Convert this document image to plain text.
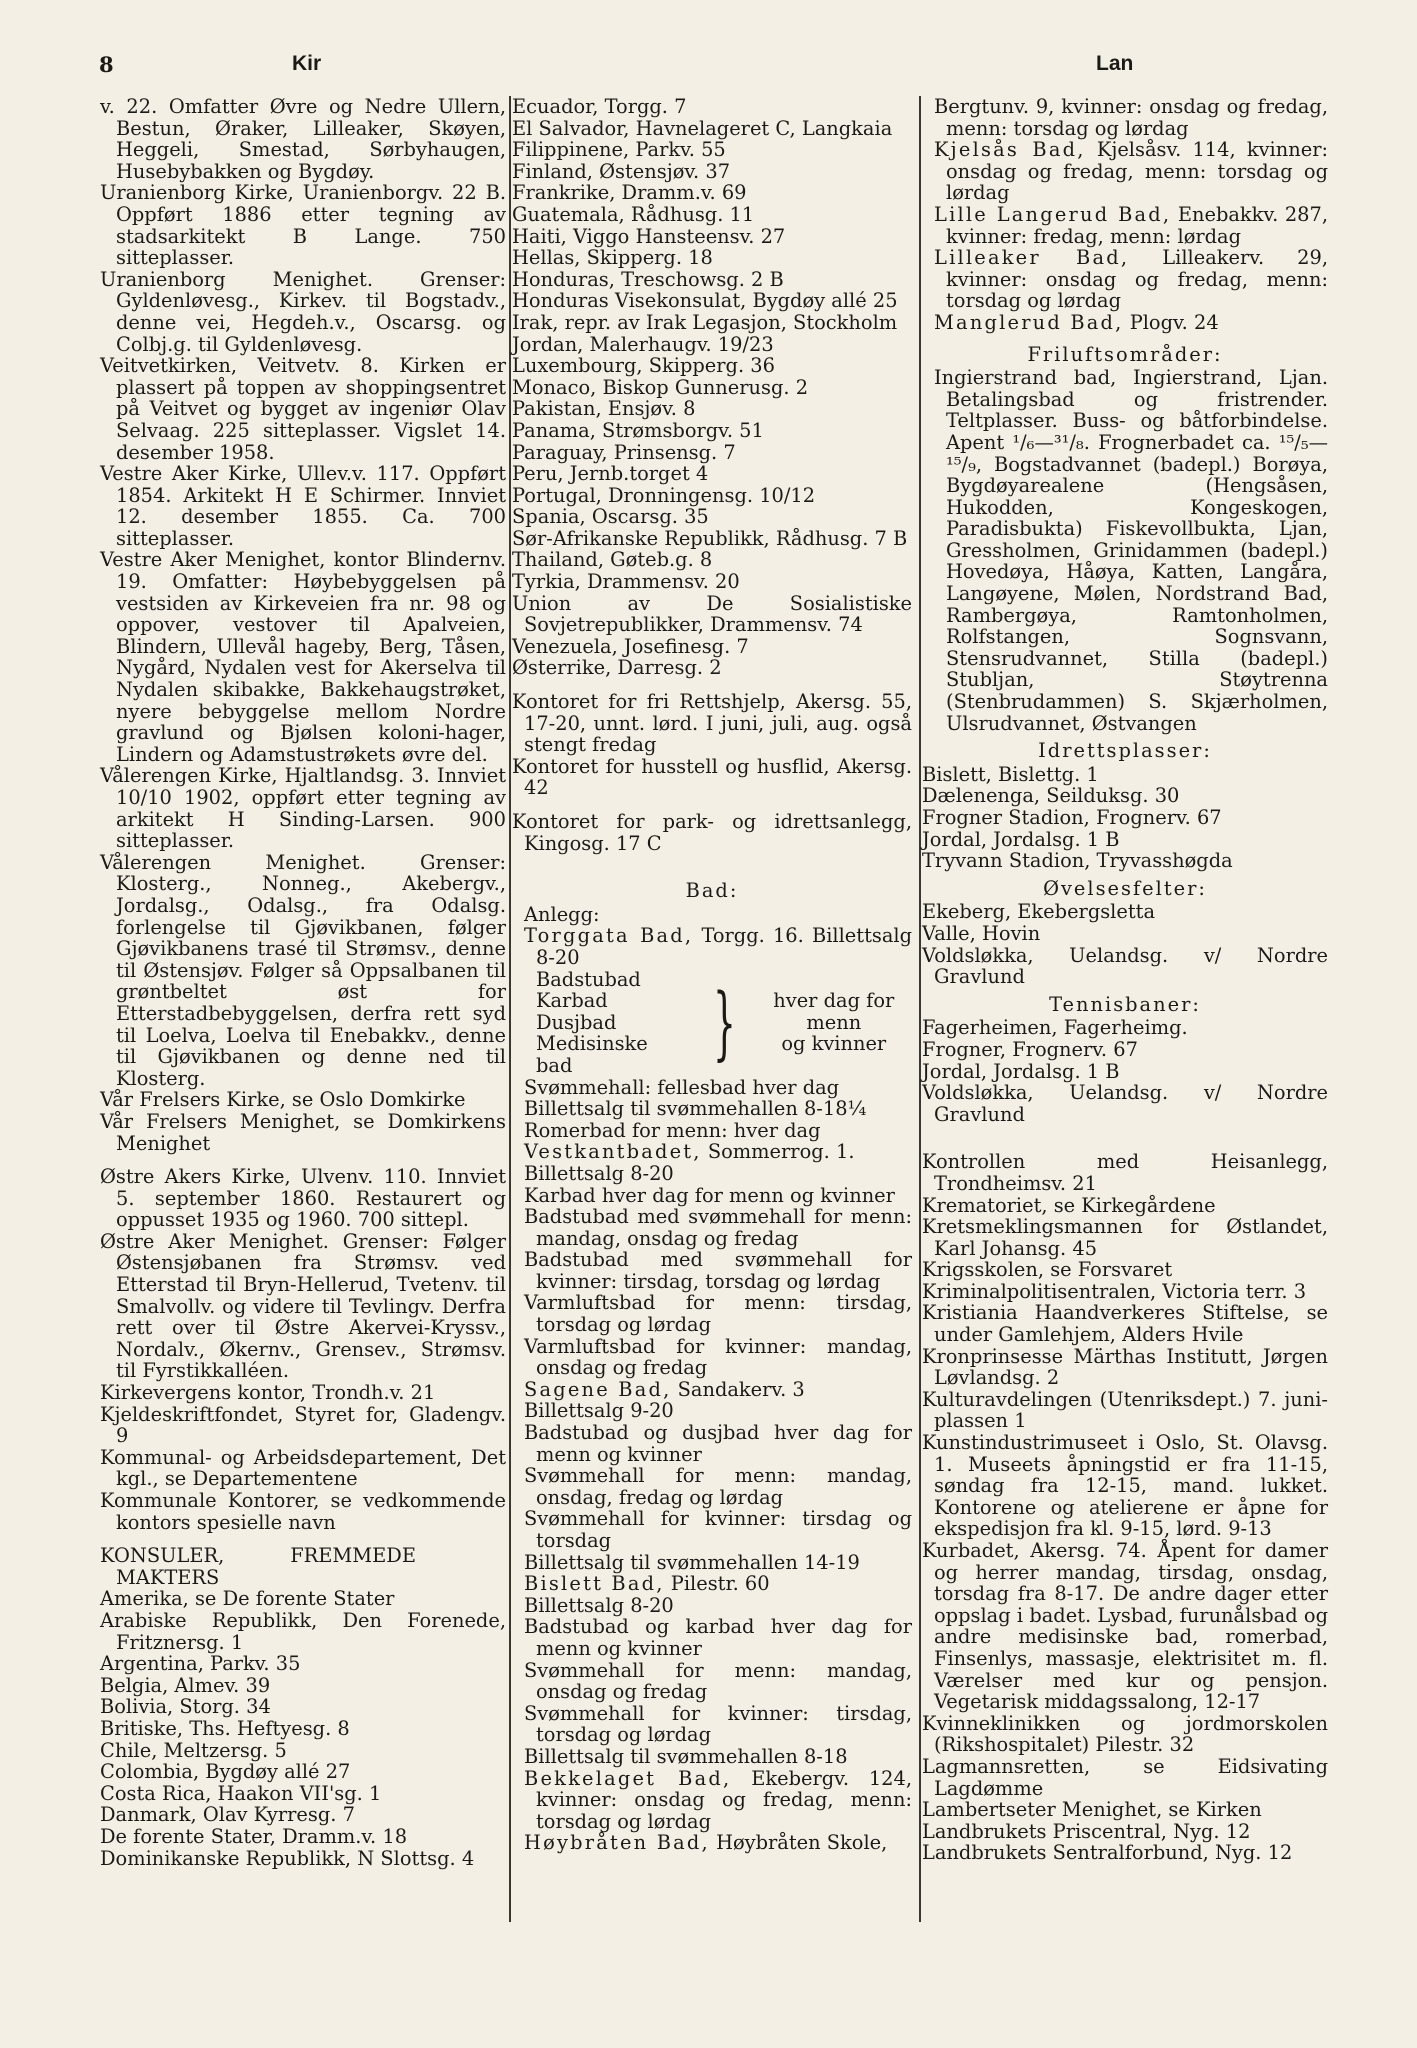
8	Kir	Lan
v. 22. Omfatter Øvre og Nedre Ullern, Bestun, Øraker, Lilleaker, Skøyen, Heggeli, Smestad, Sørbyhaugen, Husebybakken og Bygdøy.
Uranienborg Kirke, Uranienborgv. 22 B. Oppført 1886 etter tegning av stadsarkitekt B Lange. 750 sitteplasser.
Uranienborg Menighet. Grenser: Gyldenløvesg., Kirkev. til Bogstadv., denne vei, Hegdeh.v., Oscarsg. og Colbj.g. til Gyldenløvesg.
Veitvetkirken, Veitvetv. 8. Kirken er plassert på toppen av shoppingsentret på Veitvet og bygget av ingeniør Olav Selvaag. 225 sitteplasser. Vigslet 14. desember 1958.
Vestre Aker Kirke, Ullev.v. 117. Oppført 1854. Arkitekt H E Schirmer. Innviet 12. desember 1855. Ca. 700 sitteplasser.
Vestre Aker Menighet, kontor Blindernv. 19. Omfatter: Høybebyggelsen på vestsiden av Kirkeveien fra nr. 98 og oppover, vestover til Apalveien, Blindern, Ullevål hageby, Berg, Tåsen, Nygård, Nydalen vest for Akerselva til Nydalen skibakke, Bakkehaugstrøket, nyere bebyggelse mellom Nordre gravlund og Bjølsen koloni-hager, Lindern og Adamstustrøkets øvre del.
Vålerengen Kirke, Hjaltlandsg. 3. Innviet 10/10 1902, oppført etter tegning av arkitekt H Sinding-Larsen. 900 sitteplasser.
Vålerengen Menighet. Grenser: Klosterg., Nonneg., Akebergv., Jordalsg., Odalsg., fra Odalsg. forlengelse til Gjøvikbanen, følger Gjøvikbanens trasé til Strømsv., denne til Østensjøv. Følger så Oppsalbanen til grøntbeltet øst for Etterstadbebyggelsen, derfra rett syd til Loelva, Loelva til Enebakkv., denne til Gjøvikbanen og denne ned til Klosterg.
Vår Frelsers Kirke, se Oslo Domkirke
Vår Frelsers Menighet, se Domkirkens Menighet
Østre Akers Kirke, Ulvenv. 110. Innviet 5. september 1860. Restaurert og oppusset 1935 og 1960. 700 sittepl.
Østre Aker Menighet. Grenser: Følger Østensjøbanen fra Strømsv. ved Etterstad til Bryn-Hellerud, Tvetenv. til Smalvollv. og videre til Tevlingv. Derfra rett over til Østre Akervei-Kryssv., Nordalv., Økernv., Grensev., Strømsv. til Fyrstikkalléen.
Kirkevergens kontor, Trondh.v. 21
Kjeldeskriftfondet, Styret for, Gladengv. 9
Kommunal- og Arbeidsdepartement, Det kgl., se Departementene
Kommunale Kontorer, se vedkommende kontors spesielle navn
KONSULER, FREMMEDE MAKTERS
Amerika, se De forente Stater
Arabiske Republikk, Den Forenede, Fritznersg. 1
Argentina, Parkv. 35
Belgia, Almev. 39
Bolivia, Storg. 34
Britiske, Ths. Heftyesg. 8
Chile, Meltzersg. 5
Colombia, Bygdøy allé 27
Costa Rica, Haakon VII'sg. 1
Danmark, Olav Kyrresg. 7
De forente Stater, Dramm.v. 18
Dominikanske Republikk, N Slottsg. 4
Ecuador, Torgg. 7
El Salvador, Havnelageret C, Langkaia
Filippinene, Parkv. 55
Finland, Østensjøv. 37
Frankrike, Dramm.v. 69
Guatemala, Rådhusg. 11
Haiti, Viggo Hansteensv. 27
Hellas, Skipperg. 18
Honduras, Treschowsg. 2 B
Honduras Visekonsulat, Bygdøy allé 25
Irak, repr. av Irak Legasjon, Stockholm
Jordan, Malerhaugv. 19/23
Luxembourg, Skipperg. 36
Monaco, Biskop Gunnerusg. 2
Pakistan, Ensjøv. 8
Panama, Strømsborgv. 51
Paraguay, Prinsensg. 7
Peru, Jernb.torget 4
Portugal, Dronningensg. 10/12
Spania, Oscarsg. 35
Sør-Afrikanske Republikk, Rådhusg. 7 B
Thailand, Gøteb.g. 8
Tyrkia, Drammensv. 20
Union av De Sosialistiske Sovjetrepublikker, Drammensv. 74
Venezuela, Josefinesg. 7
Østerrike, Darresg. 2
Kontoret for fri Rettshjelp, Akersg. 55, 17-20, unnt. lørd. I juni, juli, aug. også stengt fredag
Kontoret for husstell og husflid, Akersg. 42
Kontoret for park- og idrettsanlegg, Kingosg. 17 C
Bad:
Anlegg:
Torggata Bad, Torgg. 16. Billettsalg 8-20
Badstubad
Karbad
Dusjbad
Medisinske bad	}	hver dag for menn
og kvinner
Svømmehall: fellesbad hver dag
Billettsalg til svømmehallen 8-18¼
Romerbad for menn: hver dag
Vestkantbadet, Sommerrog. 1.
Billettsalg 8-20
Karbad hver dag for menn og kvinner
Badstubad med svømmehall for menn: mandag, onsdag og fredag
Badstubad med svømmehall for kvinner: tirsdag, torsdag og lørdag
Varmluftsbad for menn: tirsdag, torsdag og lørdag
Varmluftsbad for kvinner: mandag, onsdag og fredag
Sagene Bad, Sandakerv. 3
Billettsalg 9-20
Badstubad og dusjbad hver dag for menn og kvinner
Svømmehall for menn: mandag, onsdag, fredag og lørdag
Svømmehall for kvinner: tirsdag og torsdag
Billettsalg til svømmehallen 14-19
Bislett Bad, Pilestr. 60
Billettsalg 8-20
Badstubad og karbad hver dag for menn og kvinner
Svømmehall for menn: mandag, onsdag og fredag
Svømmehall for kvinner: tirsdag, torsdag og lørdag
Billettsalg til svømmehallen 8-18
Bekkelaget Bad, Ekebergv. 124, kvinner: onsdag og fredag, menn: torsdag og lørdag
Høybråten Bad, Høybråten Skole,
Bergtunv. 9, kvinner: onsdag og fredag, menn: torsdag og lørdag
Kjelsås Bad, Kjelsåsv. 114, kvinner: onsdag og fredag, menn: torsdag og lørdag
Lille Langerud Bad, Enebakkv. 287, kvinner: fredag, menn: lørdag
Lilleaker Bad, Lilleakerv. 29, kvinner: onsdag og fredag, menn: torsdag og lørdag
Manglerud Bad, Plogv. 24
Friluftsområder:
Ingierstrand bad, Ingierstrand, Ljan. Betalingsbad og fristrender. Teltplasser. Buss- og båtforbindelse. Apent ¹/₆—³¹/₈. Frognerbadet ca. ¹⁵/₅—¹⁵/₉, Bogstadvannet (badepl.) Borøya, Bygdøyarealene (Hengsåsen, Hukodden, Kongeskogen, Paradisbukta) Fiskevollbukta, Ljan, Gressholmen, Grinidammen (badepl.) Hovedøya, Håøya, Katten, Langåra, Langøyene, Mølen, Nordstrand Bad, Rambergøya, Ramtonholmen, Rolfstangen, Sognsvann, Stensrudvannet, Stilla (badepl.) Stubljan, Støytrenna (Stenbrudammen) S. Skjærholmen, Ulsrudvannet, Østvangen
Idrettsplasser:
Bislett, Bislettg. 1
Dælenenga, Seilduksg. 30
Frogner Stadion, Frognerv. 67
Jordal, Jordalsg. 1 B
Tryvann Stadion, Tryvasshøgda
Øvelsesfelter:
Ekeberg, Ekebergsletta
Valle, Hovin
Voldsløkka, Uelandsg. v/ Nordre Gravlund
Tennisbaner:
Fagerheimen, Fagerheimg.
Frogner, Frognerv. 67
Jordal, Jordalsg. 1 B
Voldsløkka, Uelandsg. v/ Nordre Gravlund
Kontrollen med Heisanlegg, Trondheimsv. 21
Krematoriet, se Kirkegårdene
Kretsmeklingsmannen for Østlandet, Karl Johansg. 45
Krigsskolen, se Forsvaret
Kriminalpolitisentralen, Victoria terr. 3
Kristiania Haandverkeres Stiftelse, se under Gamlehjem, Alders Hvile
Kronprinsesse Märthas Institutt, Jørgen Løvlandsg. 2
Kulturavdelingen (Utenriksdept.) 7. juni-plassen 1
Kunstindustrimuseet i Oslo, St. Olavsg. 1. Museets åpningstid er fra 11-15, søndag fra 12-15, mand. lukket. Kontorene og atelierene er åpne for ekspedisjon fra kl. 9-15, lørd. 9-13
Kurbadet, Akersg. 74. Åpent for damer og herrer mandag, tirsdag, onsdag, torsdag fra 8-17. De andre dager etter oppslag i badet. Lysbad, furunålsbad og andre medisinske bad, romerbad, Finsenlys, massasje, elektrisitet m. fl. Værelser med kur og pensjon. Vegetarisk middagssalong, 12-17
Kvinneklinikken og jordmorskolen (Rikshospitalet) Pilestr. 32
Lagmannsretten, se Eidsivating Lagdømme
Lambertseter Menighet, se Kirken
Landbrukets Priscentral, Nyg. 12
Landbrukets Sentralforbund, Nyg. 12
